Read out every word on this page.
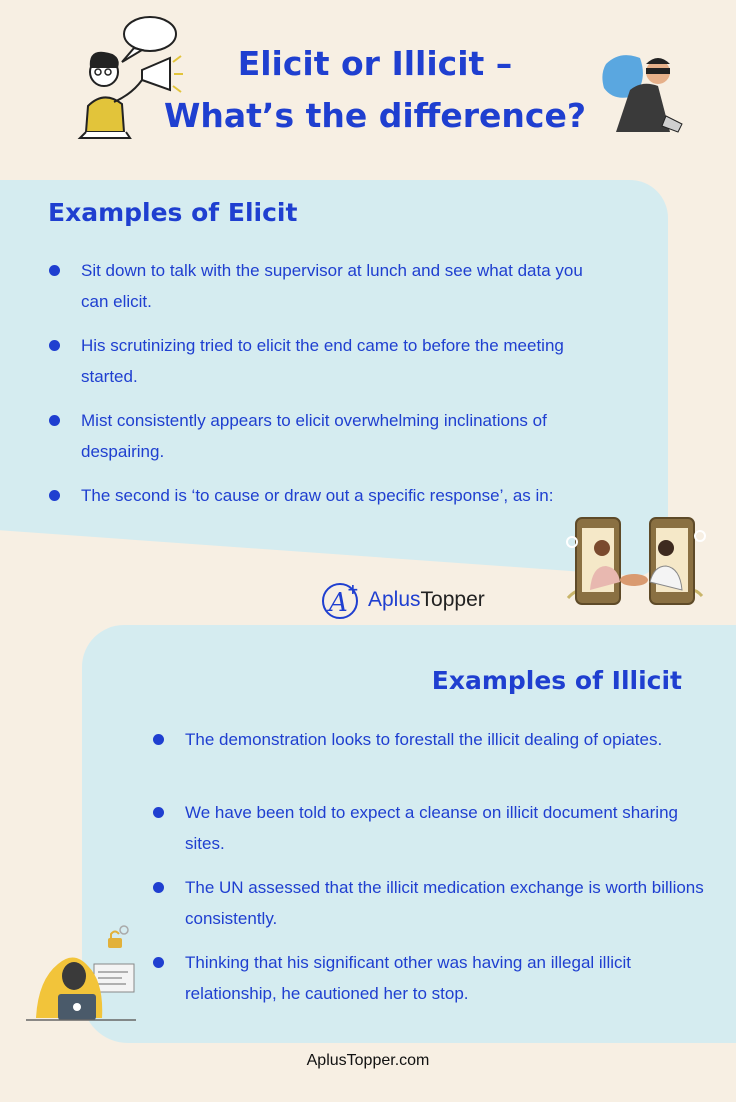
Elicit or Illicit –
What’s the difference?
Examples of Elicit
Sit down to talk with the supervisor at lunch and see what data you can elicit.
His scrutinizing tried to elicit the end came to before the meeting started.
Mist consistently appears to elicit overwhelming inclinations of despairing.
The second is ‘to cause or draw out a specific response’, as in:
A + AplusTopper
Examples of Illicit
The demonstration looks to forestall the illicit dealing of opiates.
We have been told to expect a cleanse on illicit document sharing sites.
The UN assessed that the illicit medication exchange is worth billions consistently.
Thinking that his significant other was having an illegal illicit relationship, he cautioned her to stop.
AplusTopper.com
